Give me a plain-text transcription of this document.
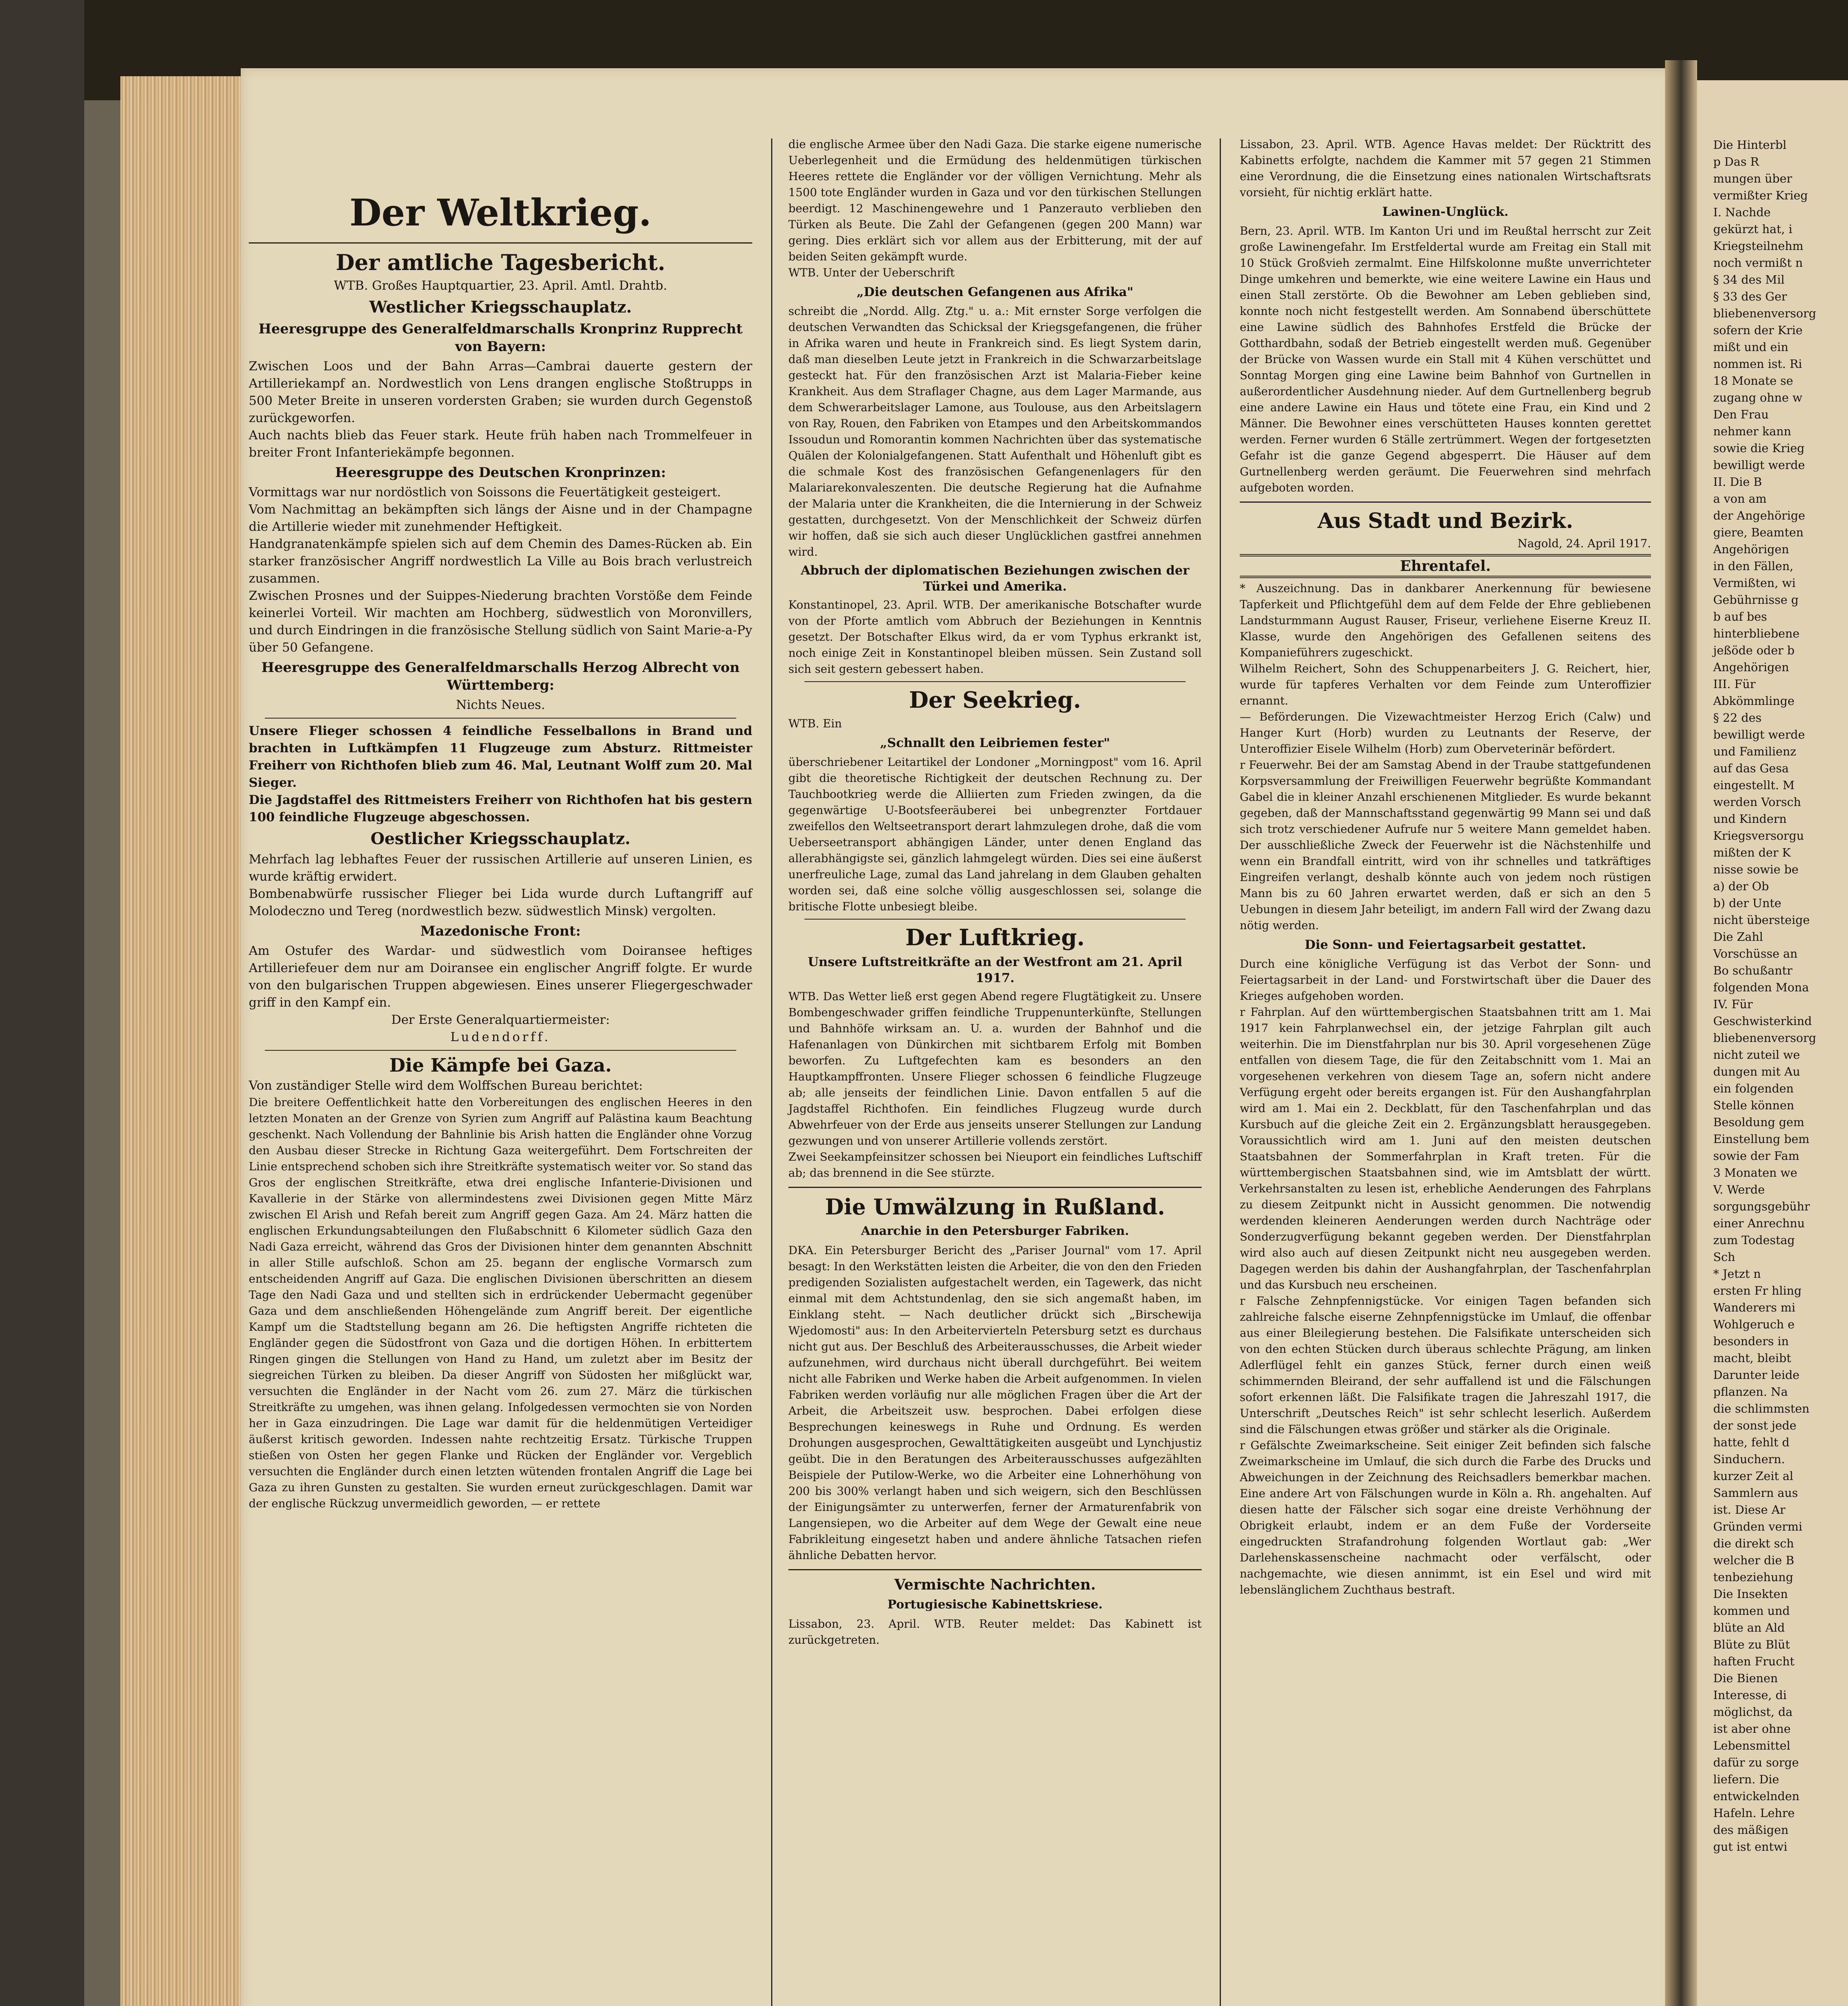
Der Weltkrieg.
Der amtliche Tagesbericht.

WTB. Großes Hauptquartier, 23. April. Amtl. Drahtb.

Westlicher Kriegsschauplatz.
Heeresgruppe des Generalfeldmarschalls Kronprinz Rupprecht von Bayern:

Zwischen Loos und der Bahn Arras—Cambrai dauerte gestern der Artilleriekampf an. Nordwestlich von Lens drangen englische Stoßtrupps in 500 Meter Breite in unseren vordersten Graben; sie wurden durch Gegenstoß zurückgeworfen.

Auch nachts blieb das Feuer stark. Heute früh haben nach Trommelfeuer in breiter Front Infanteriekämpfe begonnen.

Heeresgruppe des Deutschen Kronprinzen:

Vormittags war nur nordöstlich von Soissons die Feuertätigkeit gesteigert.

Vom Nachmittag an bekämpften sich längs der Aisne und in der Champagne die Artillerie wieder mit zunehmender Heftigkeit.

Handgranatenkämpfe spielen sich auf dem Chemin des Dames-Rücken ab. Ein starker französischer Angriff nordwestlich La Ville au Bois brach verlustreich zusammen.

Zwischen Prosnes und der Suippes-Niederung brachten Vorstöße dem Feinde keinerlei Vorteil. Wir machten am Hochberg, südwestlich von Moronvillers, und durch Eindringen in die französische Stellung südlich von Saint Marie-a-Py über 50 Gefangene.

Heeresgruppe des Generalfeldmarschalls Herzog Albrecht von Württemberg:

Nichts Neues.

Unsere Flieger schossen 4 feindliche Fesselballons in Brand und brachten in Luftkämpfen 11 Flugzeuge zum Absturz. Rittmeister Freiherr von Richthofen blieb zum 46. Mal, Leutnant Wolff zum 20. Mal Sieger.

Die Jagdstaffel des Rittmeisters Freiherr von Richthofen hat bis gestern 100 feindliche Flugzeuge abgeschossen.

Oestlicher Kriegsschauplatz.

Mehrfach lag lebhaftes Feuer der russischen Artillerie auf unseren Linien, es wurde kräftig erwidert.

Bombenabwürfe russischer Flieger bei Lida wurde durch Luftangriff auf Molodeczno und Tereg (nordwestlich bezw. südwestlich Minsk) vergolten.

Mazedonische Front:

Am Ostufer des Wardar- und südwestlich vom Doiransee heftiges Artilleriefeuer dem nur am Doiransee ein englischer Angriff folgte. Er wurde von den bulgarischen Truppen abgewiesen. Eines unserer Fliegergeschwader griff in den Kampf ein.

Der Erste Generalquartiermeister:

Ludendorff.

Die Kämpfe bei Gaza.

Von zuständiger Stelle wird dem Wolffschen Bureau berichtet:

Die breitere Oeffentlichkeit hatte den Vorbereitungen des englischen Heeres in den letzten Monaten an der Grenze von Syrien zum Angriff auf Palästina kaum Beachtung geschenkt. Nach Vollendung der Bahnlinie bis Arish hatten die Engländer ohne Vorzug den Ausbau dieser Strecke in Richtung Gaza weitergeführt. Dem Fortschreiten der Linie entsprechend schoben sich ihre Streitkräfte systematisch weiter vor. So stand das Gros der englischen Streitkräfte, etwa drei englische Infanterie-Divisionen und Kavallerie in der Stärke von allermindestens zwei Divisionen gegen Mitte März zwischen El Arish und Refah bereit zum Angriff gegen Gaza. Am 24. März hatten die englischen Erkundungsabteilungen den Flußabschnitt 6 Kilometer südlich Gaza den Nadi Gaza erreicht, während das Gros der Divisionen hinter dem genannten Abschnitt in aller Stille aufschloß. Schon am 25. begann der englische Vormarsch zum entscheidenden Angriff auf Gaza. Die englischen Divisionen überschritten an diesem Tage den Nadi Gaza und und stellten sich in erdrückender Uebermacht gegenüber Gaza und dem anschließenden Höhengelände zum Angriff bereit. Der eigentliche Kampf um die Stadtstellung begann am 26. Die heftigsten Angriffe richteten die Engländer gegen die Südostfront von Gaza und die dortigen Höhen. In erbittertem Ringen gingen die Stellungen von Hand zu Hand, um zuletzt aber im Besitz der siegreichen Türken zu bleiben. Da dieser Angriff von Südosten her mißglückt war, versuchten die Engländer in der Nacht vom 26. zum 27. März die türkischen Streitkräfte zu umgehen, was ihnen gelang. Infolgedessen vermochten sie von Norden her in Gaza einzudringen. Die Lage war damit für die heldenmütigen Verteidiger äußerst kritisch geworden. Indessen nahte rechtzeitig Ersatz. Türkische Truppen stießen von Osten her gegen Flanke und Rücken der Engländer vor. Vergeblich versuchten die Engländer durch einen letzten wütenden frontalen Angriff die Lage bei Gaza zu ihren Gunsten zu gestalten. Sie wurden erneut zurückgeschlagen. Damit war der englische Rückzug unvermeidlich geworden, — er rettete

die englische Armee über den Nadi Gaza. Die starke eigene numerische Ueberlegenheit und die Ermüdung des heldenmütigen türkischen Heeres rettete die Engländer vor der völligen Vernichtung. Mehr als 1500 tote Engländer wurden in Gaza und vor den türkischen Stellungen beerdigt. 12 Maschinengewehre und 1 Panzerauto verblieben den Türken als Beute. Die Zahl der Gefangenen (gegen 200 Mann) war gering. Dies erklärt sich vor allem aus der Erbitterung, mit der auf beiden Seiten gekämpft wurde.

WTB. Unter der Ueberschrift

„Die deutschen Gefangenen aus Afrika"

schreibt die „Nordd. Allg. Ztg." u. a.: Mit ernster Sorge verfolgen die deutschen Verwandten das Schicksal der Kriegsgefangenen, die früher in Afrika waren und heute in Frankreich sind. Es liegt System darin, daß man dieselben Leute jetzt in Frankreich in die Schwarzarbeitslage gesteckt hat. Für den französischen Arzt ist Malaria-Fieber keine Krankheit. Aus dem Straflager Chagne, aus dem Lager Marmande, aus dem Schwerarbeitslager Lamone, aus Toulouse, aus den Arbeitslagern von Ray, Rouen, den Fabriken von Etampes und den Arbeitskommandos Issoudun und Romorantin kommen Nachrichten über das systematische Quälen der Kolonialgefangenen. Statt Aufenthalt und Höhenluft gibt es die schmale Kost des französischen Gefangenenlagers für den Malariarekonvaleszenten. Die deutsche Regierung hat die Aufnahme der Malaria unter die Krankheiten, die die Internierung in der Schweiz gestatten, durchgesetzt. Von der Menschlichkeit der Schweiz dürfen wir hoffen, daß sie sich auch dieser Unglücklichen gastfrei annehmen wird.

Abbruch der diplomatischen Beziehungen zwischen der Türkei und Amerika.

Konstantinopel, 23. April. WTB. Der amerikanische Botschafter wurde von der Pforte amtlich vom Abbruch der Beziehungen in Kenntnis gesetzt. Der Botschafter Elkus wird, da er vom Typhus erkrankt ist, noch einige Zeit in Konstantinopel bleiben müssen. Sein Zustand soll sich seit gestern gebessert haben.

Der Seekrieg.

WTB. Ein

„Schnallt den Leibriemen fester"

überschriebener Leitartikel der Londoner „Morningpost" vom 16. April gibt die theoretische Richtigkeit der deutschen Rechnung zu. Der Tauchbootkrieg werde die Alliierten zum Frieden zwingen, da die gegenwärtige U-Bootsfeeräuberei bei unbegrenzter Fortdauer zweifellos den Weltseetransport derart lahmzulegen drohe, daß die vom Ueberseetransport abhängigen Länder, unter denen England das allerabhängigste sei, gänzlich lahmgelegt würden. Dies sei eine äußerst unerfreuliche Lage, zumal das Land jahrelang in dem Glauben gehalten worden sei, daß eine solche völlig ausgeschlossen sei, solange die britische Flotte unbesiegt bleibe.

Der Luftkrieg.
Unsere Luftstreitkräfte an der Westfront am 21. April 1917.

WTB. Das Wetter ließ erst gegen Abend regere Flugtätigkeit zu. Unsere Bombengeschwader griffen feindliche Truppenunterkünfte, Stellungen und Bahnhöfe wirksam an. U. a. wurden der Bahnhof und die Hafenanlagen von Dünkirchen mit sichtbarem Erfolg mit Bomben beworfen. Zu Luftgefechten kam es besonders an den Hauptkampffronten. Unsere Flieger schossen 6 feindliche Flugzeuge ab; alle jenseits der feindlichen Linie. Davon entfallen 5 auf die Jagdstaffel Richthofen. Ein feindliches Flugzeug wurde durch Abwehrfeuer von der Erde aus jenseits unserer Stellungen zur Landung gezwungen und von unserer Artillerie vollends zerstört.

Zwei Seekampfeinsitzer schossen bei Nieuport ein feindliches Luftschiff ab; das brennend in die See stürzte.

Die Umwälzung in Rußland.
Anarchie in den Petersburger Fabriken.

DKA. Ein Petersburger Bericht des „Pariser Journal" vom 17. April besagt: In den Werkstätten leisten die Arbeiter, die von den den Frieden predigenden Sozialisten aufgestachelt werden, ein Tagewerk, das nicht einmal mit dem Achtstundenlag, den sie sich angemaßt haben, im Einklang steht. — Nach deutlicher drückt sich „Birschewija Wjedomosti" aus: In den Arbeitervierteln Petersburg setzt es durchaus nicht gut aus. Der Beschluß des Arbeiterausschusses, die Arbeit wieder aufzunehmen, wird durchaus nicht überall durchgeführt. Bei weitem nicht alle Fabriken und Werke haben die Arbeit aufgenommen. In vielen Fabriken werden vorläufig nur alle möglichen Fragen über die Art der Arbeit, die Arbeitszeit usw. besprochen. Dabei erfolgen diese Besprechungen keineswegs in Ruhe und Ordnung. Es werden Drohungen ausgesprochen, Gewalttätigkeiten ausgeübt und Lynchjustiz geübt. Die in den Beratungen des Arbeiterausschusses aufgezählten Beispiele der Putilow-Werke, wo die Arbeiter eine Lohnerhöhung von 200 bis 300% verlangt haben und sich weigern, sich den Beschlüssen der Einigungsämter zu unterwerfen, ferner der Armaturenfabrik von Langensiepen, wo die Arbeiter auf dem Wege der Gewalt eine neue Fabrikleitung eingesetzt haben und andere ähnliche Tatsachen riefen ähnliche Debatten hervor.

Vermischte Nachrichten.
Portugiesische Kabinettskriese.

Lissabon, 23. April. WTB. Reuter meldet: Das Kabinett ist zurückgetreten.

Lissabon, 23. April. WTB. Agence Havas meldet: Der Rücktritt des Kabinetts erfolgte, nachdem die Kammer mit 57 gegen 21 Stimmen eine Verordnung, die die Einsetzung eines nationalen Wirtschaftsrats vorsieht, für nichtig erklärt hatte.

Lawinen-Unglück.

Bern, 23. April. WTB. Im Kanton Uri und im Reußtal herrscht zur Zeit große Lawinengefahr. Im Erstfeldertal wurde am Freitag ein Stall mit 10 Stück Großvieh zermalmt. Eine Hilfskolonne mußte unverrichteter Dinge umkehren und bemerkte, wie eine weitere Lawine ein Haus und einen Stall zerstörte. Ob die Bewohner am Leben geblieben sind, konnte noch nicht festgestellt werden. Am Sonnabend überschüttete eine Lawine südlich des Bahnhofes Erstfeld die Brücke der Gotthardbahn, sodaß der Betrieb eingestellt werden muß. Gegenüber der Brücke von Wassen wurde ein Stall mit 4 Kühen verschüttet und Sonntag Morgen ging eine Lawine beim Bahnhof von Gurtnellen in außerordentlicher Ausdehnung nieder. Auf dem Gurtnellenberg begrub eine andere Lawine ein Haus und tötete eine Frau, ein Kind und 2 Männer. Die Bewohner eines verschütteten Hauses konnten gerettet werden. Ferner wurden 6 Ställe zertrümmert. Wegen der fortgesetzten Gefahr ist die ganze Gegend abgesperrt. Die Häuser auf dem Gurtnellenberg werden geräumt. Die Feuerwehren sind mehrfach aufgeboten worden.

Aus Stadt und Bezirk.

Nagold, 24. April 1917.

Ehrentafel.

* Auszeichnung. Das in dankbarer Anerkennung für bewiesene Tapferkeit und Pflichtgefühl dem auf dem Felde der Ehre gebliebenen Landsturmmann August Rauser, Friseur, verliehene Eiserne Kreuz II. Klasse, wurde den Angehörigen des Gefallenen seitens des Kompanieführers zugeschickt.

Wilhelm Reichert, Sohn des Schuppenarbeiters J. G. Reichert, hier, wurde für tapferes Verhalten vor dem Feinde zum Unteroffizier ernannt.

— Beförderungen. Die Vizewachtmeister Herzog Erich (Calw) und Hanger Kurt (Horb) wurden zu Leutnants der Reserve, der Unteroffizier Eisele Wilhelm (Horb) zum Oberveterinär befördert.

r Feuerwehr. Bei der am Samstag Abend in der Traube stattgefundenen Korpsversammlung der Freiwilligen Feuerwehr begrüßte Kommandant Gabel die in kleiner Anzahl erschienenen Mitglieder. Es wurde bekannt gegeben, daß der Mannschaftsstand gegenwärtig 99 Mann sei und daß sich trotz verschiedener Aufrufe nur 5 weitere Mann gemeldet haben. Der ausschließliche Zweck der Feuerwehr ist die Nächstenhilfe und wenn ein Brandfall eintritt, wird von ihr schnelles und tatkräftiges Eingreifen verlangt, deshalb könnte auch von jedem noch rüstigen Mann bis zu 60 Jahren erwartet werden, daß er sich an den 5 Uebungen in diesem Jahr beteiligt, im andern Fall wird der Zwang dazu nötig werden.

Die Sonn- und Feiertagsarbeit gestattet.

Durch eine königliche Verfügung ist das Verbot der Sonn- und Feiertagsarbeit in der Land- und Forstwirtschaft über die Dauer des Krieges aufgehoben worden.

r Fahrplan. Auf den württembergischen Staatsbahnen tritt am 1. Mai 1917 kein Fahrplanwechsel ein, der jetzige Fahrplan gilt auch weiterhin. Die im Dienstfahrplan nur bis 30. April vorgesehenen Züge entfallen von diesem Tage, die für den Zeitabschnitt vom 1. Mai an vorgesehenen verkehren von diesem Tage an, sofern nicht andere Verfügung ergeht oder bereits ergangen ist. Für den Aushangfahrplan wird am 1. Mai ein 2. Deckblatt, für den Taschenfahrplan und das Kursbuch auf die gleiche Zeit ein 2. Ergänzungsblatt herausgegeben. Voraussichtlich wird am 1. Juni auf den meisten deutschen Staatsbahnen der Sommerfahrplan in Kraft treten. Für die württembergischen Staatsbahnen sind, wie im Amtsblatt der württ. Verkehrsanstalten zu lesen ist, erhebliche Aenderungen des Fahrplans zu diesem Zeitpunkt nicht in Aussicht genommen. Die notwendig werdenden kleineren Aenderungen werden durch Nachträge oder Sonderzugverfügung bekannt gegeben werden. Der Dienstfahrplan wird also auch auf diesen Zeitpunkt nicht neu ausgegeben werden. Dagegen werden bis dahin der Aushangfahrplan, der Taschenfahrplan und das Kursbuch neu erscheinen.

r Falsche Zehnpfennigstücke. Vor einigen Tagen befanden sich zahlreiche falsche eiserne Zehnpfennigstücke im Umlauf, die offenbar aus einer Bleilegierung bestehen. Die Falsifikate unterscheiden sich von den echten Stücken durch überaus schlechte Prägung, am linken Adlerflügel fehlt ein ganzes Stück, ferner durch einen weiß schimmernden Bleirand, der sehr auffallend ist und die Fälschungen sofort erkennen läßt. Die Falsifikate tragen die Jahreszahl 1917, die Unterschrift „Deutsches Reich" ist sehr schlecht leserlich. Außerdem sind die Fälschungen etwas größer und stärker als die Originale.

r Gefälschte Zweimarkscheine. Seit einiger Zeit befinden sich falsche Zweimarkscheine im Umlauf, die sich durch die Farbe des Drucks und Abweichungen in der Zeichnung des Reichsadlers bemerkbar machen. Eine andere Art von Fälschungen wurde in Köln a. Rh. angehalten. Auf diesen hatte der Fälscher sich sogar eine dreiste Verhöhnung der Obrigkeit erlaubt, indem er an dem Fuße der Vorderseite eingedruckten Strafandrohung folgenden Wortlaut gab: „Wer Darlehenskassenscheine nachmacht oder verfälscht, oder nachgemachte, wie diesen annimmt, ist ein Esel und wird mit lebenslänglichem Zuchthaus bestraft.

Die Hinterbl
p Das R
mungen über
vermißter Krieg
I. Nachde
gekürzt hat, i
Kriegsteilnehm
noch vermißt n
§ 34 des Mil
§ 33 des Ger
bliebenenversorg
sofern der Krie
mißt und ein
nommen ist. Ri
18 Monate se
zugang ohne w
Den Frau
nehmer kann
sowie die Krieg
bewilligt werde
II. Die B
a von am
der Angehörige
giere, Beamten
Angehörigen
in den Fällen,
Vermißten, wi
Gebührnisse g
b auf bes
hinterbliebene
jeßöde oder b
Angehörigen
III. Für
Abkömmlinge
§ 22 des
bewilligt werde
und Familienz
auf das Gesa
eingestellt. M
werden Vorsch
und Kindern
Kriegsversorgu
mißten der K
nisse sowie be
a) der Ob
b) der Unte
nicht übersteige
Die Zahl
Vorschüsse an
Bo schußantr
folgenden Mona
IV. Für
Geschwisterkind
bliebenenversorg
nicht zuteil we
dungen mit Au
ein folgenden
Stelle können
Besoldung gem
Einstellung bem
sowie der Fam
3 Monaten we
V. Werde
sorgungsgebühr
einer Anrechnu
zum Todestag
Sch
* Jetzt n
ersten Fr hling
Wanderers mi
Wohlgeruch e
besonders in
macht, bleibt
Darunter leide
pflanzen. Na
die schlimmsten
der sonst jede
hatte, fehlt d
Sinduchern.
kurzer Zeit al
Sammlern aus
ist. Diese Ar
Gründen vermi
die direkt sch
welcher die B
tenbeziehung
Die Insekten
kommen und
blüte an Ald
Blüte zu Blüt
haften Frucht
Die Bienen
Interesse, di
möglichst, da
ist aber ohne
Lebensmittel
dafür zu sorge
liefern. Die
entwickelnden
Hafeln. Lehre
des mäßigen
gut ist entwi
